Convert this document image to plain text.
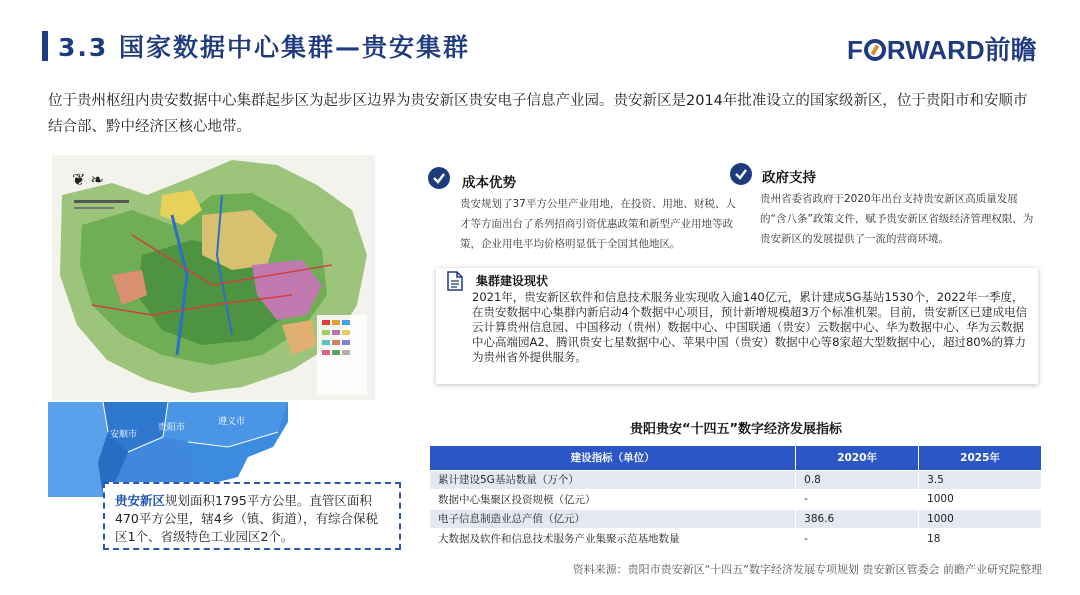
3.3 国家数据中心集群—贵安集群	F RWARD前瞻
位于贵州枢纽内贵安数据中心集群起步区为起步区边界为贵安新区贵安电子信息产业园。贵安新区是2014年批准设立的国家级新区，位于贵阳市和安顺市结合部、黔中经济区核心地带。
❦ ❧
安顺市
贵阳市
遵义市
贵安新区规划面积1795平方公里。直管区面积470平方公里，辖4乡（镇、街道），有综合保税区1个、省级特色工业园区2个。
成本优势
贵安规划了37平方公里产业用地，在投资、用地、财税、人才等方面出台了系列招商引资优惠政策和新型产业用地等政策，企业用电平均价格明显低于全国其他地区。
政府支持
贵州省委省政府于2020年出台支持贵安新区高质量发展的“含八条”政策文件，赋予贵安新区省级经济管理权限，为贵安新区的发展提供了一流的营商环境。
集群建设现状
2021年，贵安新区软件和信息技术服务业实现收入逾140亿元，累计建成5G基站1530个，2022年一季度，在贵安数据中心集群内新启动4个数据中心项目，预计新增规模超3万个标准机架。目前，贵安新区已建成电信云计算贵州信息园、中国移动（贵州）数据中心、中国联通（贵安）云数据中心、华为数据中心、华为云数据中心高端园A2、腾讯贵安七星数据中心、苹果中国（贵安）数据中心等8家超大型数据中心，超过80%的算力为贵州省外提供服务。
贵阳贵安“十四五”数字经济发展指标
建设指标（单位）	2020年	2025年
累计建设5G基站数量（万个）	0.8	3.5
数据中心集聚区投资规模（亿元）	-	1000
电子信息制造业总产值（亿元）	386.6	1000
大数据及软件和信息技术服务产业集聚示范基地数量	-	18
资料来源：贵阳市贵安新区“十四五”数字经济发展专项规划 贵安新区管委会 前瞻产业研究院整理
